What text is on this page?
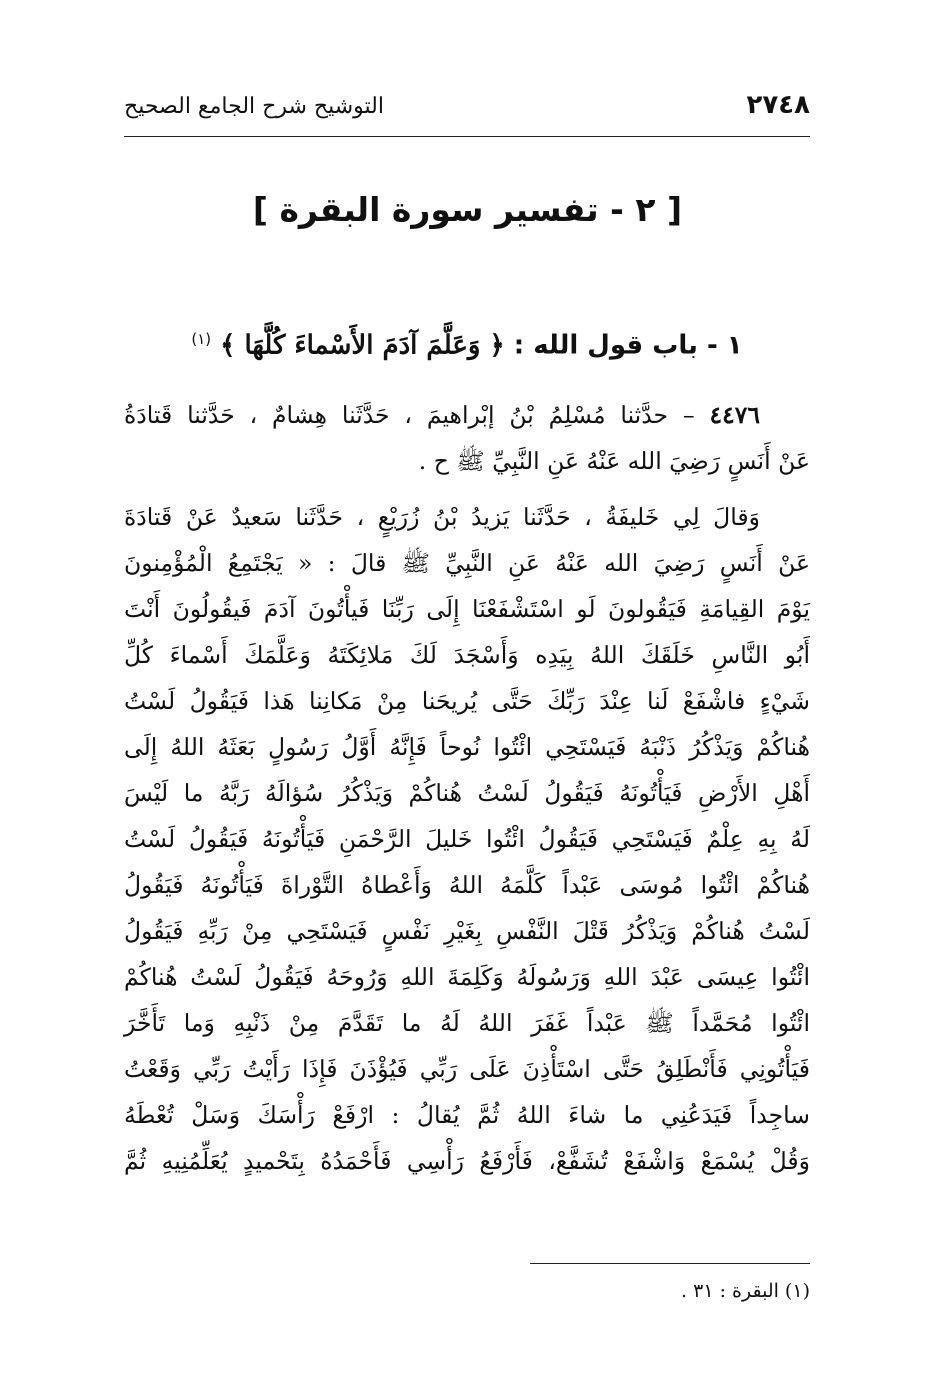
٢٧٤٨
التوشيح شرح الجامع الصحيح
[ ٢ - تفسير سورة البقرة ]
١ - باب قول الله : ﴿ وَعَلَّمَ آدَمَ الأَسْماءَ كُلَّهَا ﴾ $^{(١)}$
٤٤٧٦ – حدَّثنا مُسْلِمُ بْنُ إبْراهيمَ ، حَدَّثَنا هِشامٌ ، حَدَّثنا قَتادَةُ
عَنْ أَنَسٍ رَضِيَ الله عَنْهُ عَنِ النَّبِيِّ ﷺ ح .
وَقالَ لِي خَليفَةُ ، حَدَّثَنا يَزيدُ بْنُ زُرَيْعٍ ، حَدَّثَنا سَعيدٌ عَنْ قَتادَةَ
عَنْ أَنَسٍ رَضِيَ الله عَنْهُ عَنِ النَّبِيِّ ﷺ قالَ : « يَجْتَمِعُ الْمُؤْمِنونَ
يَوْمَ القِيامَةِ فَيَقُولونَ لَو اسْتَشْفَعْنَا إِلَى رَبِّنَا فَيأْتُونَ آدَمَ فَيقُولُونَ أَنْتَ
أَبُو النَّاسِ خَلَقَكَ اللهُ بِيَدِه وَأَسْجَدَ لَكَ مَلائِكَتَهُ وَعَلَّمَكَ أَسْماءَ كُلِّ
شَيْءٍ فاشْفَعْ لَنا عِنْدَ رَبِّكَ حَتَّى يُريحَنا مِنْ مَكانِنا هَذا فَيَقُولُ لَسْتُ
هُناكُمْ وَيَذْكُرُ ذَنْبَهُ فَيَسْتَحِي ائْتُوا نُوحاً فَإِنَّهُ أَوَّلُ رَسُولٍ بَعَثَهُ اللهُ إِلَى
أَهْلِ الأَرْضِ فَيَأْتُونَهُ فَيَقُولُ لَسْتُ هُناكُمْ وَيَذْكُرُ سُؤالَهُ رَبَّهُ ما لَيْسَ
لَهُ بِهِ عِلْمٌ فَيَسْتَحِي فَيَقُولُ ائْتُوا خَليلَ الرَّحْمَنِ فَيَأْتُونَهُ فَيَقُولُ لَسْتُ
هُناكُمْ ائْتُوا مُوسَى عَبْداً كَلَّمَهُ اللهُ وَأَعْطاهُ التَّوْراةَ فَيَأْتُونَهُ فَيَقُولُ
لَسْتُ هُناكُمْ وَيَذْكُرُ قَتْلَ النَّفْسِ بِغَيْرِ نَفْسٍ فَيَسْتَحِي مِنْ رَبِّهِ فَيَقُولُ
ائْتُوا عِيسَى عَبْدَ اللهِ وَرَسُولَهُ وَكَلِمَةَ اللهِ وَرُوحَهُ فَيَقُولُ لَسْتُ هُناكُمْ
ائْتُوا مُحَمَّداً ﷺ عَبْداً غَفَرَ اللهُ لَهُ ما تَقَدَّمَ مِنْ ذَنْبِهِ وَما تَأَخَّرَ
فَيَأْتُونِي فَأَنْطَلِقُ حَتَّى اسْتَأْذِنَ عَلَى رَبِّي فَيُؤْذَنَ فَإِذَا رَأَيْتُ رَبِّي وَقَعْتُ
ساجِداً فَيَدَعُنِي ما شاءَ اللهُ ثُمَّ يُقالُ : ارْفَعْ رَأْسَكَ وَسَلْ تُعْطَهُ
وَقُلْ يُسْمَعْ وَاشْفَعْ تُشَفَّعْ، فَأَرْفَعُ رَأْسِي فَأَحْمَدُهُ بِتَحْميدٍ يُعَلِّمُنِيهِ ثُمَّ
(١) البقرة : ٣١ .
